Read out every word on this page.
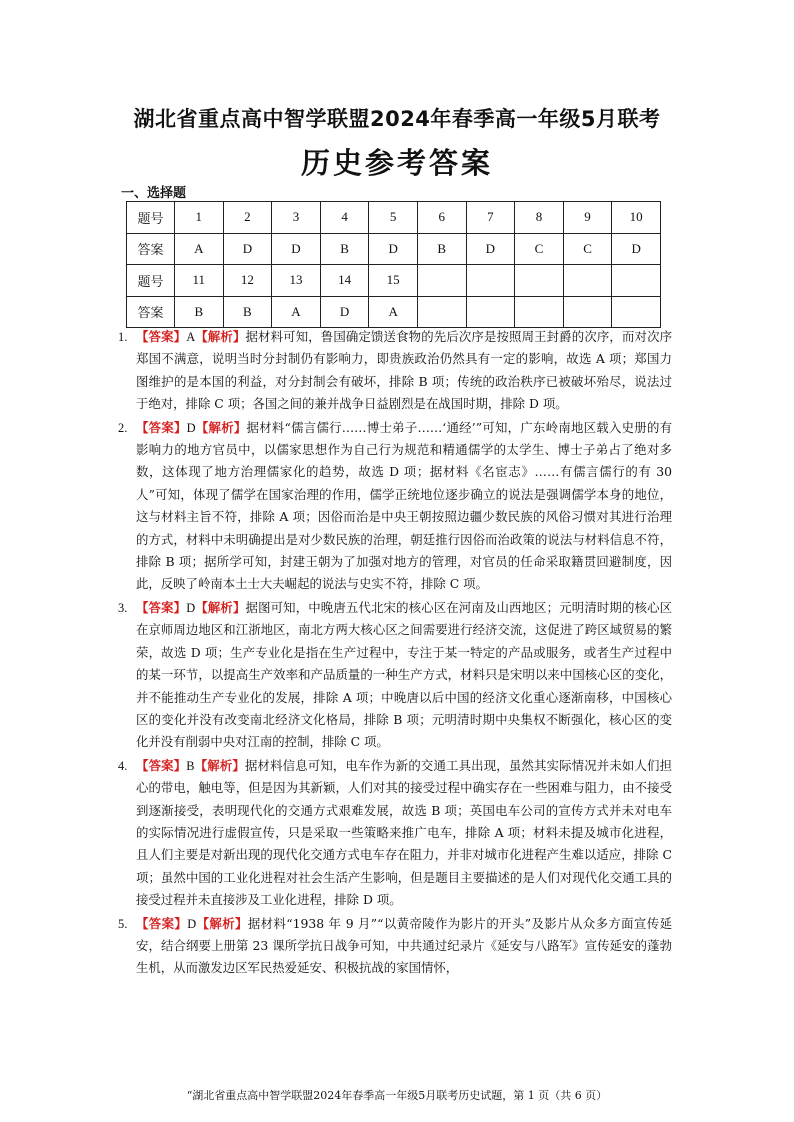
湖北省重点高中智学联盟2024年春季高一年级5月联考
历史参考答案
一、选择题
题号	1	2	3	4	5	6	7	8	9	10
答案	A	D	D	B	D	B	D	C	C	D
题号	11	12	13	14	15					
答案	B	B	A	D	A					
1. 【答案】A【解析】据材料可知，鲁国确定馈送食物的先后次序是按照周王封爵的次序，而对次序郑国不满意，说明当时分封制仍有影响力，即贵族政治仍然具有一定的影响，故选 A 项；郑国力图维护的是本国的利益，对分封制会有破坏，排除 B 项；传统的政治秩序已被破坏殆尽，说法过于绝对，排除 C 项；各国之间的兼并战争日益剧烈是在战国时期，排除 D 项。
2. 【答案】D【解析】据材料“儒言儒行……博士弟子……‘通经’”可知，广东岭南地区载入史册的有影响力的地方官员中，以儒家思想作为自己行为规范和精通儒学的太学生、博士子弟占了绝对多数，这体现了地方治理儒家化的趋势，故选 D 项；据材料《名宦志》……有儒言儒行的有 30 人”可知，体现了儒学在国家治理的作用，儒学正统地位逐步确立的说法是强调儒学本身的地位，这与材料主旨不符，排除 A 项；因俗而治是中央王朝按照边疆少数民族的风俗习惯对其进行治理的方式，材料中未明确提出是对少数民族的治理，朝廷推行因俗而治政策的说法与材料信息不符，排除 B 项；据所学可知，封建王朝为了加强对地方的管理，对官员的任命采取籍贯回避制度，因此，反映了岭南本土士大夫崛起的说法与史实不符，排除 C 项。
3. 【答案】D【解析】据图可知，中晚唐五代北宋的核心区在河南及山西地区；元明清时期的核心区在京师周边地区和江浙地区，南北方两大核心区之间需要进行经济交流，这促进了跨区域贸易的繁荣，故选 D 项；生产专业化是指在生产过程中，专注于某一特定的产品或服务，或者生产过程中的某一环节，以提高生产效率和产品质量的一种生产方式，材料只是宋明以来中国核心区的变化，并不能推动生产专业化的发展，排除 A 项；中晚唐以后中国的经济文化重心逐渐南移，中国核心区的变化并没有改变南北经济文化格局，排除 B 项；元明清时期中央集权不断强化，核心区的变化并没有削弱中央对江南的控制，排除 C 项。
4. 【答案】B【解析】据材料信息可知，电车作为新的交通工具出现，虽然其实际情况并未如人们担心的带电，触电等，但是因为其新颖，人们对其的接受过程中确实存在一些困难与阻力，由不接受到逐渐接受，表明现代化的交通方式艰难发展，故选 B 项；英国电车公司的宣传方式并未对电车的实际情况进行虚假宣传，只是采取一些策略来推广电车，排除 A 项；材料未提及城市化进程，且人们主要是对新出现的现代化交通方式电车存在阻力，并非对城市化进程产生难以适应，排除 C 项；虽然中国的工业化进程对社会生活产生影响，但是题目主要描述的是人们对现代化交通工具的接受过程并未直接涉及工业化进程，排除 D 项。
5. 【答案】D【解析】据材料“1938 年 9 月”“以黄帝陵作为影片的开头”及影片从众多方面宣传延安，结合纲要上册第 23 课所学抗日战争可知，中共通过纪录片《延安与八路军》宣传延安的蓬勃生机，从而激发边区军民热爱延安、积极抗战的家国情怀，
“湖北省重点高中智学联盟2024年春季高一年级5月联考历史试题，第 1 页（共 6 页）
